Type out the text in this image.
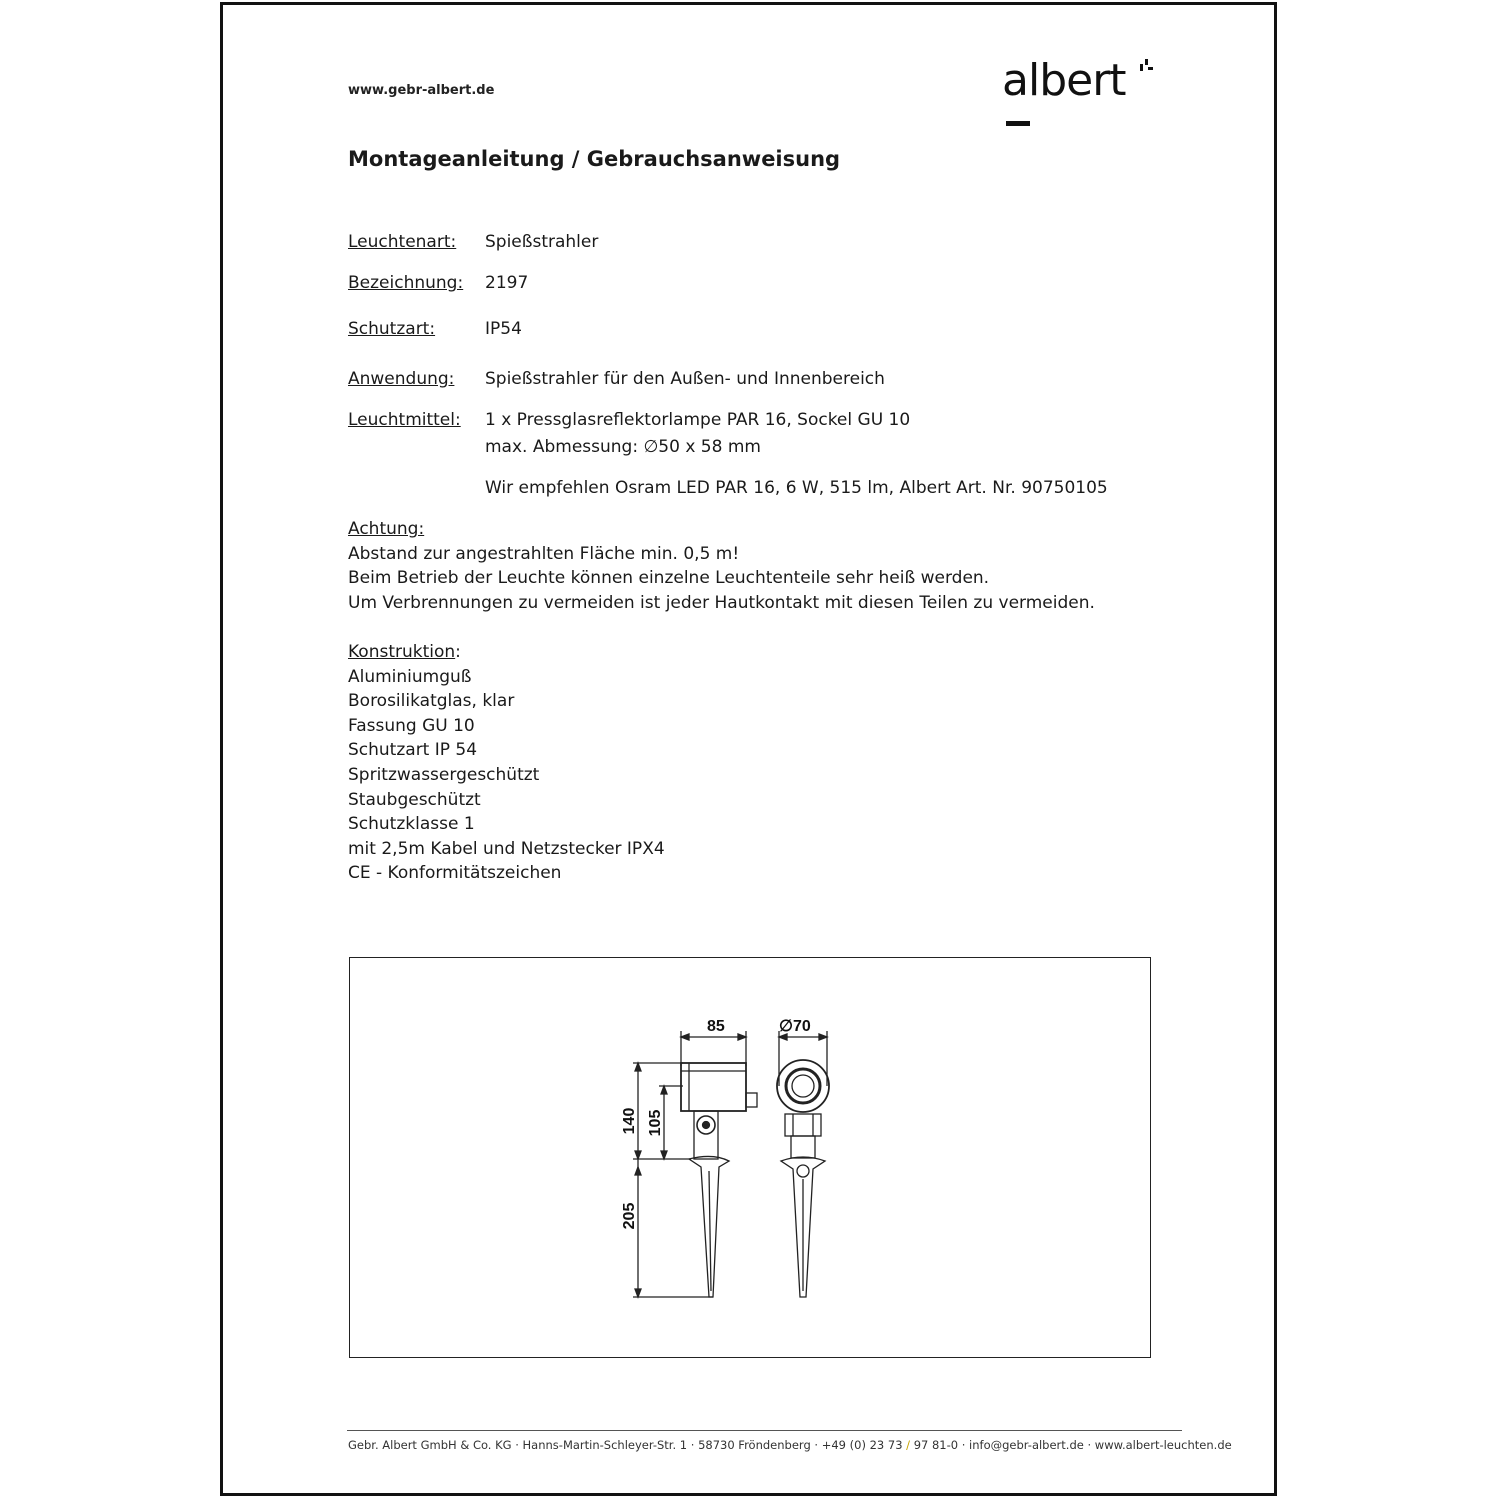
www.gebr-albert.de	albert
Montageanleitung / Gebrauchsanweisung
Leuchtenart: Spießstrahler
Bezeichnung: 2197
Schutzart:	IP54
Anwendung: Spießstrahler für den Außen- und Innenbereich
Leuchtmittel: 1 x Pressglasreflektorlampe PAR 16, Sockel GU 10
max. Abmessung: ∅50 x 58 mm
Wir empfehlen Osram LED PAR 16, 6 W, 515 lm, Albert Art. Nr. 90750105
Achtung:
Abstand zur angestrahlten Fläche min. 0,5 m!
Beim Betrieb der Leuchte können einzelne Leuchtenteile sehr heiß werden.
Um Verbrennungen zu vermeiden ist jeder Hautkontakt mit diesen Teilen zu vermeiden.
Konstruktion:
Aluminiumguß
Borosilikatglas, klar
Fassung GU 10
Schutzart IP 54
Spritzwassergeschützt
Staubgeschützt
Schutzklasse 1
mit 2,5m Kabel und Netzstecker IPX4
CE - Konformitätszeichen
85	∅70
140 105
205
Gebr. Albert GmbH & Co. KG · Hanns-Martin-Schleyer-Str. 1 · 58730 Fröndenberg · +49 (0) 23 73 / 97 81-0 · info@gebr-albert.de · www.albert-leuchten.de
